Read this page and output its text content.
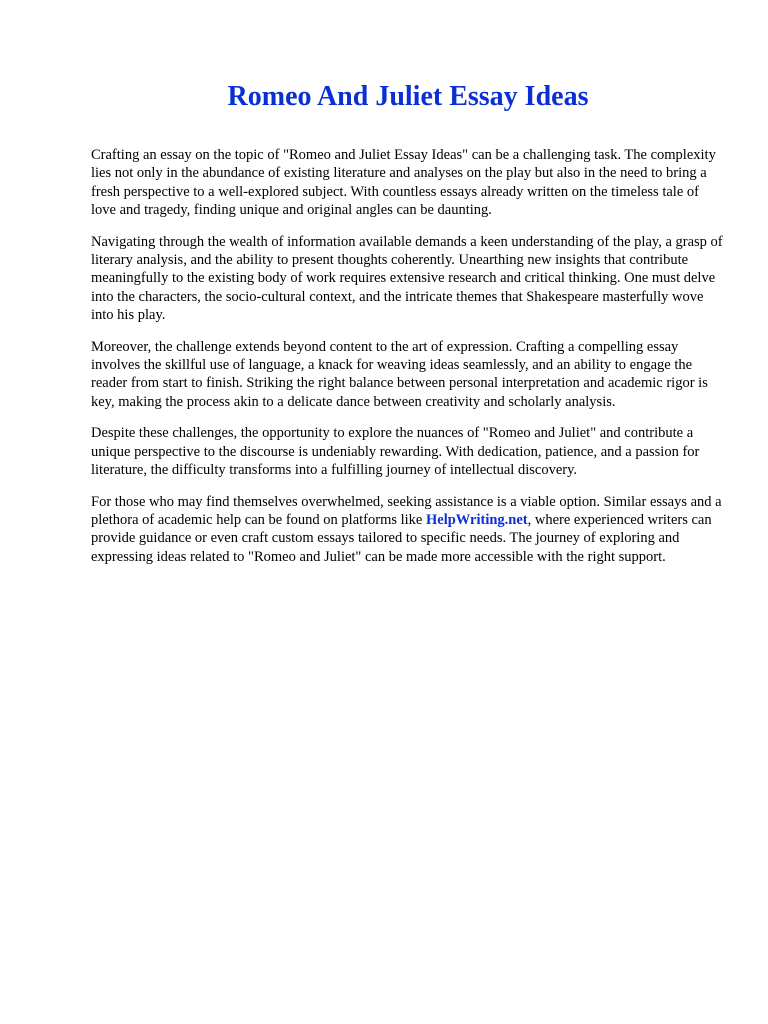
Romeo And Juliet Essay Ideas

Crafting an essay on the topic of "Romeo and Juliet Essay Ideas" can be a challenging task. The complexity lies not only in the abundance of existing literature and analyses on the play but also in the need to bring a fresh perspective to a well-explored subject. With countless essays already written on the timeless tale of love and tragedy, finding unique and original angles can be daunting.

Navigating through the wealth of information available demands a keen understanding of the play, a grasp of literary analysis, and the ability to present thoughts coherently. Unearthing new insights that contribute meaningfully to the existing body of work requires extensive research and critical thinking. One must delve into the characters, the socio-cultural context, and the intricate themes that Shakespeare masterfully wove into his play.

Moreover, the challenge extends beyond content to the art of expression. Crafting a compelling essay involves the skillful use of language, a knack for weaving ideas seamlessly, and an ability to engage the reader from start to finish. Striking the right balance between personal interpretation and academic rigor is key, making the process akin to a delicate dance between creativity and scholarly analysis.

Despite these challenges, the opportunity to explore the nuances of "Romeo and Juliet" and contribute a unique perspective to the discourse is undeniably rewarding. With dedication, patience, and a passion for literature, the difficulty transforms into a fulfilling journey of intellectual discovery.

For those who may find themselves overwhelmed, seeking assistance is a viable option. Similar essays and a plethora of academic help can be found on platforms like HelpWriting.net, where experienced writers can provide guidance or even craft custom essays tailored to specific needs. The journey of exploring and expressing ideas related to "Romeo and Juliet" can be made more accessible with the right support.
